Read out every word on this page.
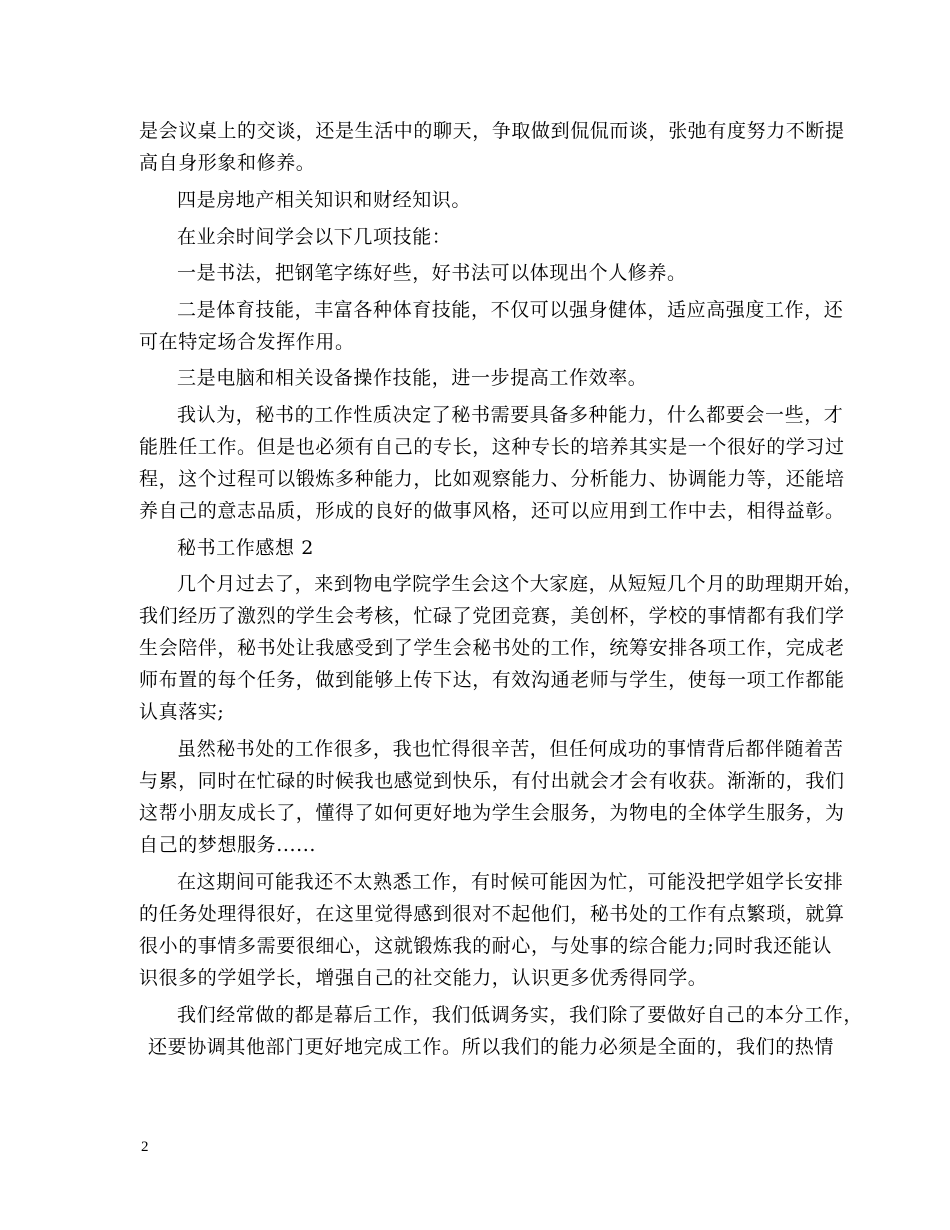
是会议桌上的交谈，还是生活中的聊天，争取做到侃侃而谈，张弛有度努力不断提
高自身形象和修养。
四是房地产相关知识和财经知识。
在业余时间学会以下几项技能：
一是书法，把钢笔字练好些，好书法可以体现出个人修养。
二是体育技能，丰富各种体育技能，不仅可以强身健体，适应高强度工作，还
可在特定场合发挥作用。
三是电脑和相关设备操作技能，进一步提高工作效率。
我认为，秘书的工作性质决定了秘书需要具备多种能力，什么都要会一些，才
能胜任工作。但是也必须有自己的专长，这种专长的培养其实是一个很好的学习过
程，这个过程可以锻炼多种能力，比如观察能力、分析能力、协调能力等，还能培
养自己的意志品质，形成的良好的做事风格，还可以应用到工作中去，相得益彰。
秘书工作感想 2
几个月过去了，来到物电学院学生会这个大家庭，从短短几个月的助理期开始，
我们经历了激烈的学生会考核，忙碌了党团竞赛，美创杯，学校的事情都有我们学
生会陪伴，秘书处让我感受到了学生会秘书处的工作，统筹安排各项工作，完成老
师布置的每个任务，做到能够上传下达，有效沟通老师与学生，使每一项工作都能
认真落实;
虽然秘书处的工作很多，我也忙得很辛苦，但任何成功的事情背后都伴随着苦
与累，同时在忙碌的时候我也感觉到快乐，有付出就会才会有收获。渐渐的，我们
这帮小朋友成长了，懂得了如何更好地为学生会服务，为物电的全体学生服务，为
自己的梦想服务......
在这期间可能我还不太熟悉工作，有时候可能因为忙，可能没把学姐学长安排
的任务处理得很好，在这里觉得感到很对不起他们，秘书处的工作有点繁琐，就算
很小的事情多需要很细心，这就锻炼我的耐心，与处事的综合能力;同时我还能认
识很多的学姐学长，增强自己的社交能力，认识更多优秀得同学。
我们经常做的都是幕后工作，我们低调务实，我们除了要做好自己的本分工作，
还要协调其他部门更好地完成工作。所以我们的能力必须是全面的，我们的热情
2
